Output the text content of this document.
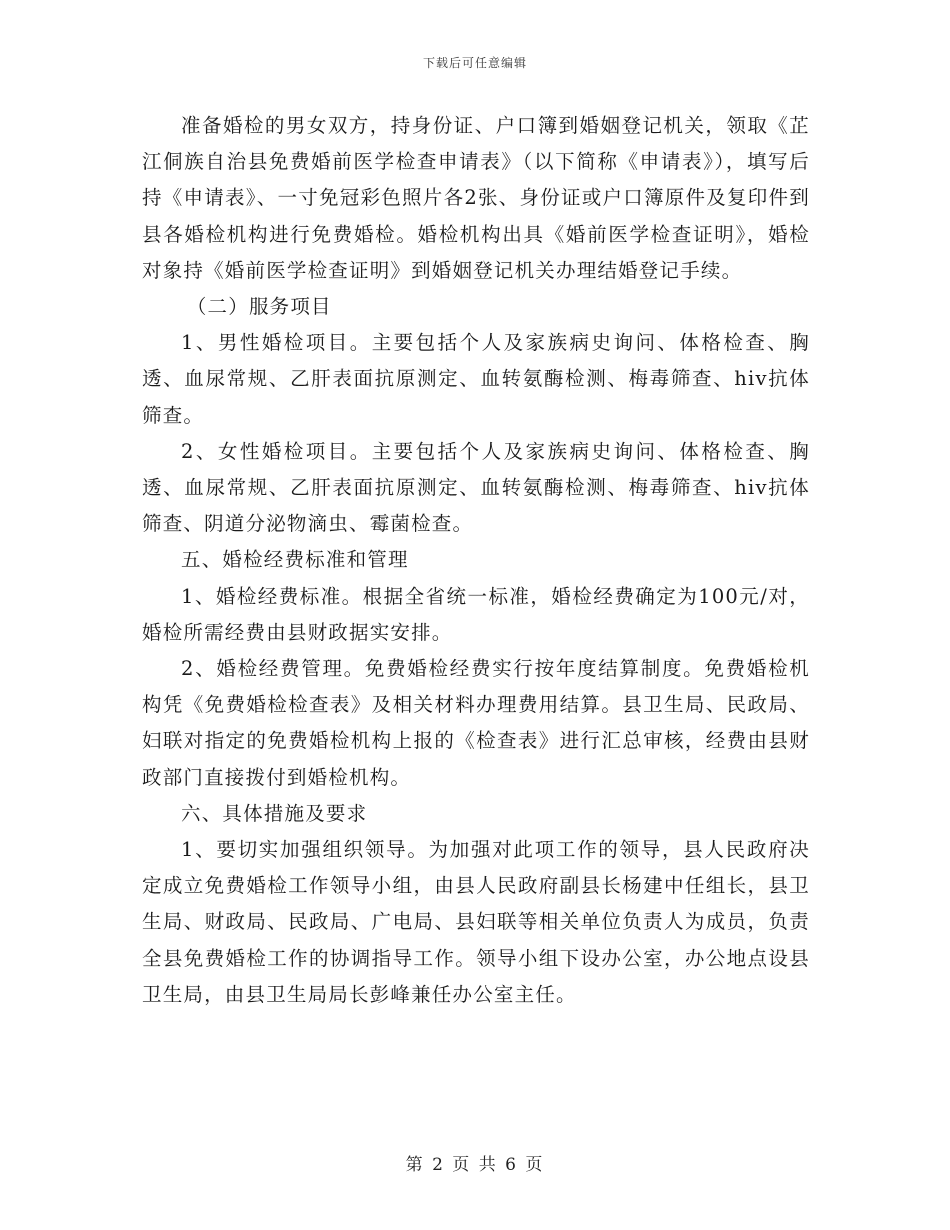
下载后可任意编辑

准备婚检的男女双方，持身份证、户口簿到婚姻登记机关，领取《芷江侗族自治县免费婚前医学检查申请表》（以下简称《申请表》），填写后持《申请表》、一寸免冠彩色照片各2张、身份证或户口簿原件及复印件到县各婚检机构进行免费婚检。婚检机构出具《婚前医学检查证明》，婚检对象持《婚前医学检查证明》到婚姻登记机关办理结婚登记手续。

（二）服务项目

1、男性婚检项目。主要包括个人及家族病史询问、体格检查、胸透、血尿常规、乙肝表面抗原测定、血转氨酶检测、梅毒筛查、hiv抗体筛查。

2、女性婚检项目。主要包括个人及家族病史询问、体格检查、胸透、血尿常规、乙肝表面抗原测定、血转氨酶检测、梅毒筛查、hiv抗体筛查、阴道分泌物滴虫、霉菌检查。

五、婚检经费标准和管理

1、婚检经费标准。根据全省统一标准，婚检经费确定为100元/对，婚检所需经费由县财政据实安排。

2、婚检经费管理。免费婚检经费实行按年度结算制度。免费婚检机构凭《免费婚检检查表》及相关材料办理费用结算。县卫生局、民政局、妇联对指定的免费婚检机构上报的《检查表》进行汇总审核，经费由县财政部门直接拨付到婚检机构。

六、具体措施及要求

1、要切实加强组织领导。为加强对此项工作的领导，县人民政府决定成立免费婚检工作领导小组，由县人民政府副县长杨建中任组长，县卫生局、财政局、民政局、广电局、县妇联等相关单位负责人为成员，负责全县免费婚检工作的协调指导工作。领导小组下设办公室，办公地点设县卫生局，由县卫生局局长彭峰兼任办公室主任。

第 2 页 共 6 页
